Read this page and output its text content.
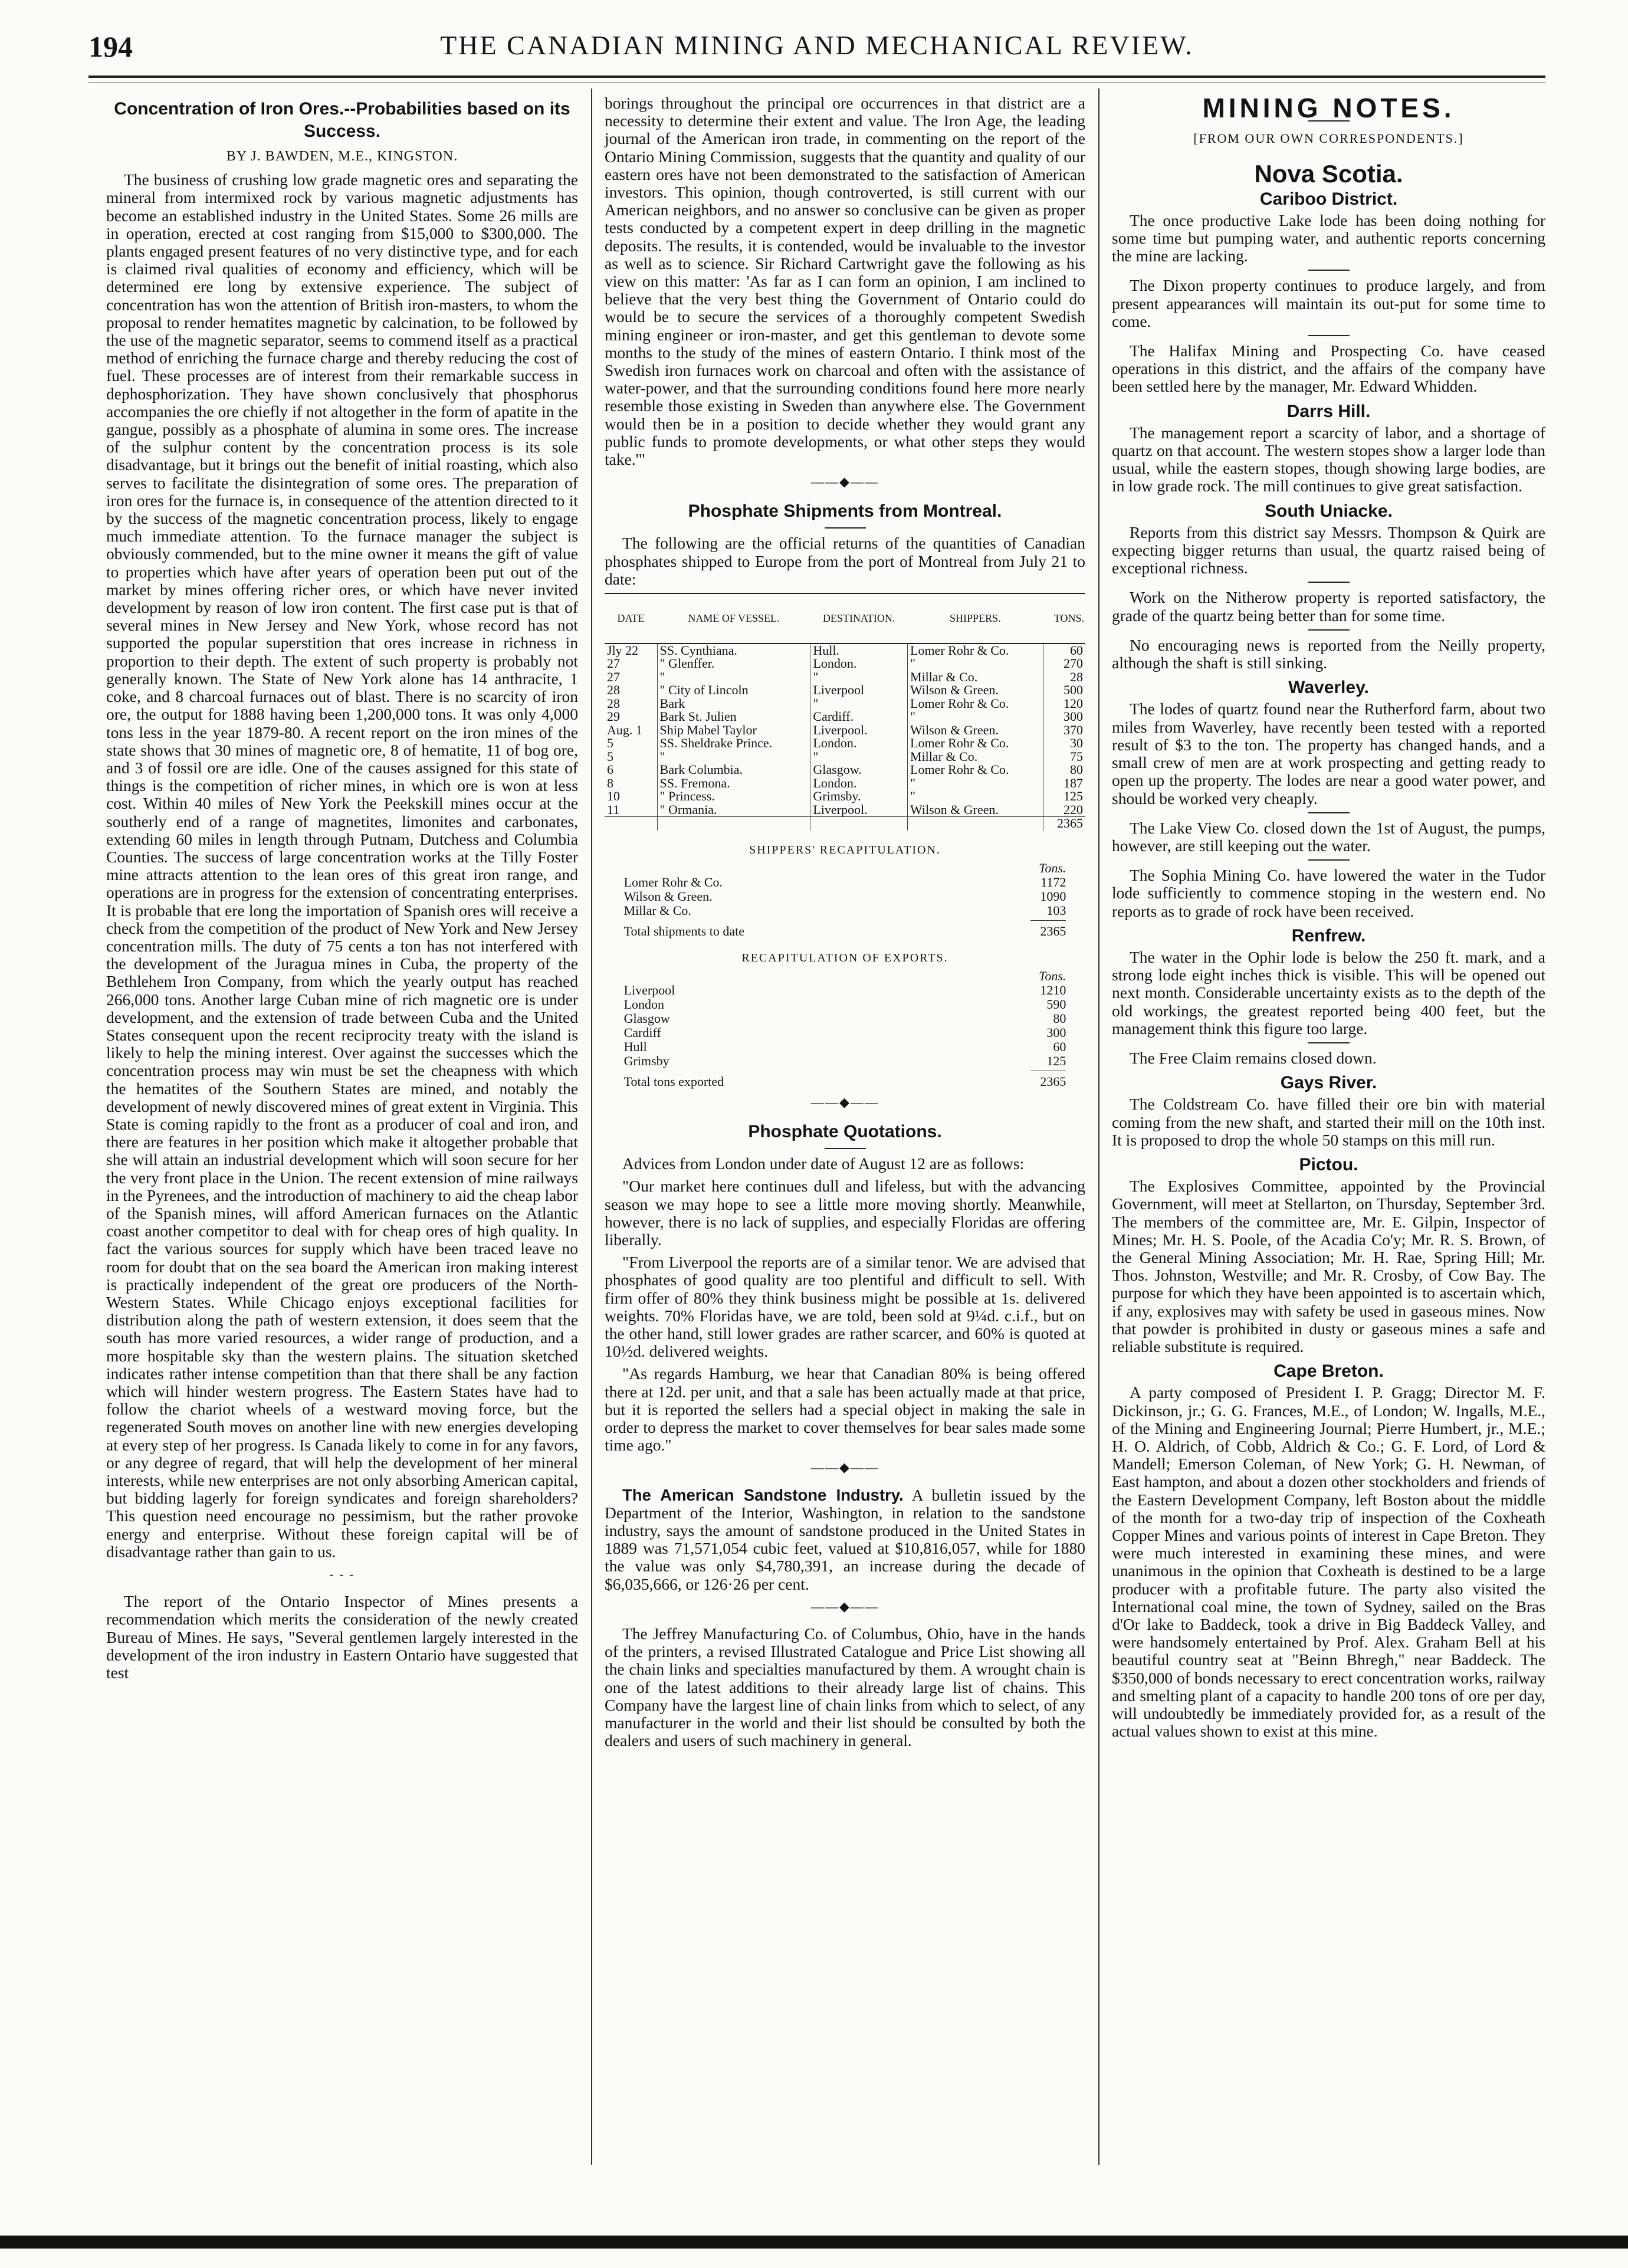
194	THE CANADIAN MINING AND MECHANICAL REVIEW.
Concentration of Iron Ores.--Probabilities based on its Success.
BY J. BAWDEN, M.E., KINGSTON.

The business of crushing low grade magnetic ores and separating the mineral from intermixed rock by various magnetic adjustments has become an established industry in the United States. Some 26 mills are in operation, erected at cost ranging from $15,000 to $300,000. The plants engaged present features of no very distinctive type, and for each is claimed rival qualities of economy and efficiency, which will be determined ere long by extensive experience. The subject of concentration has won the attention of British iron-masters, to whom the proposal to render hematites magnetic by calcination, to be followed by the use of the magnetic separator, seems to commend itself as a practical method of enriching the furnace charge and thereby reducing the cost of fuel. These processes are of interest from their remarkable success in dephosphorization. They have shown conclusively that phosphorus accompanies the ore chiefly if not altogether in the form of apatite in the gangue, possibly as a phosphate of alumina in some ores. The increase of the sulphur content by the concentration process is its sole disadvantage, but it brings out the benefit of initial roasting, which also serves to facilitate the disintegration of some ores. The preparation of iron ores for the furnace is, in consequence of the attention directed to it by the success of the magnetic concentration process, likely to engage much immediate attention. To the furnace manager the subject is obviously commended, but to the mine owner it means the gift of value to properties which have after years of operation been put out of the market by mines offering richer ores, or which have never invited development by reason of low iron content. The first case put is that of several mines in New Jersey and New York, whose record has not supported the popular superstition that ores increase in richness in proportion to their depth. The extent of such property is probably not generally known. The State of New York alone has 14 anthracite, 1 coke, and 8 charcoal furnaces out of blast. There is no scarcity of iron ore, the output for 1888 having been 1,200,000 tons. It was only 4,000 tons less in the year 1879-80. A recent report on the iron mines of the state shows that 30 mines of magnetic ore, 8 of hematite, 11 of bog ore, and 3 of fossil ore are idle. One of the causes assigned for this state of things is the competition of richer mines, in which ore is won at less cost. Within 40 miles of New York the Peekskill mines occur at the southerly end of a range of magnetites, limonites and carbonates, extending 60 miles in length through Putnam, Dutchess and Columbia Counties. The success of large concentration works at the Tilly Foster mine attracts attention to the lean ores of this great iron range, and operations are in progress for the extension of concentrating enterprises. It is probable that ere long the importation of Spanish ores will receive a check from the competition of the product of New York and New Jersey concentration mills. The duty of 75 cents a ton has not interfered with the development of the Juragua mines in Cuba, the property of the Bethlehem Iron Company, from which the yearly output has reached 266,000 tons. Another large Cuban mine of rich magnetic ore is under development, and the extension of trade between Cuba and the United States consequent upon the recent reciprocity treaty with the island is likely to help the mining interest. Over against the successes which the concentration process may win must be set the cheapness with which the hematites of the Southern States are mined, and notably the development of newly discovered mines of great extent in Virginia. This State is coming rapidly to the front as a producer of coal and iron, and there are features in her position which make it altogether probable that she will attain an industrial development which will soon secure for her the very front place in the Union. The recent extension of mine railways in the Pyrenees, and the introduction of machinery to aid the cheap labor of the Spanish mines, will afford American furnaces on the Atlantic coast another competitor to deal with for cheap ores of high quality. In fact the various sources for supply which have been traced leave no room for doubt that on the sea board the American iron making interest is practically independent of the great ore producers of the North-Western States. While Chicago enjoys exceptional facilities for distribution along the path of western extension, it does seem that the south has more varied resources, a wider range of production, and a more hospitable sky than the western plains. The situation sketched indicates rather intense competition than that there shall be any faction which will hinder western progress. The Eastern States have had to follow the chariot wheels of a westward moving force, but the regenerated South moves on another line with new energies developing at every step of her progress. Is Canada likely to come in for any favors, or any degree of regard, that will help the development of her mineral interests, while new enterprises are not only absorbing American capital, but bidding lagerly for foreign syndicates and foreign shareholders? This question need encourage no pessimism, but the rather provoke energy and enterprise. Without these foreign capital will be of disadvantage rather than gain to us.

- - -

The report of the Ontario Inspector of Mines presents a recommendation which merits the consideration of the newly created Bureau of Mines. He says, "Several gentlemen largely interested in the development of the iron industry in Eastern Ontario have suggested that test

borings throughout the principal ore occurrences in that district are a necessity to determine their extent and value. The Iron Age, the leading journal of the American iron trade, in commenting on the report of the Ontario Mining Commission, suggests that the quantity and quality of our eastern ores have not been demonstrated to the satisfaction of American investors. This opinion, though controverted, is still current with our American neighbors, and no answer so conclusive can be given as proper tests conducted by a competent expert in deep drilling in the magnetic deposits. The results, it is contended, would be invaluable to the investor as well as to science. Sir Richard Cartwright gave the following as his view on this matter: 'As far as I can form an opinion, I am inclined to believe that the very best thing the Government of Ontario could do would be to secure the services of a thoroughly competent Swedish mining engineer or iron-master, and get this gentleman to devote some months to the study of the mines of eastern Ontario. I think most of the Swedish iron furnaces work on charcoal and often with the assistance of water-power, and that the surrounding conditions found here more nearly resemble those existing in Sweden than anywhere else. The Government would then be in a position to decide whether they would grant any public funds to promote developments, or what other steps they would take.'"

——◆——
Phosphate Shipments from Montreal.

The following are the official returns of the quantities of Canadian phosphates shipped to Europe from the port of Montreal from July 21 to date:

DATE	NAME OF VESSEL.	DESTINATION.	SHIPPERS.	TONS.
Jly 22	SS. Cynthiana.	Hull.	Lomer Rohr & Co.	60
27	" Glenffer.	London.	"	270
27	"	"	Millar & Co.	28
28	" City of Lincoln	Liverpool	Wilson & Green.	500
28	Bark	"	Lomer Rohr & Co.	120
29	Bark St. Julien	Cardiff.	"	300
Aug. 1	Ship Mabel Taylor	Liverpool.	Wilson & Green.	370
5	SS. Sheldrake Prince.	London.	Lomer Rohr & Co.	30
5	"	"	Millar & Co.	75
6	Bark Columbia.	Glasgow.	Lomer Rohr & Co.	80
8	SS. Fremona.	London.	"	187
10	" Princess.	Grimsby.	"	125
11	" Ormania.	Liverpool.	Wilson & Green.	220
				2365
SHIPPERS' RECAPITULATION.
Tons.
Lomer Rohr & Co.	1172
Wilson & Green.	1090
Millar & Co.	103
Total shipments to date	2365
RECAPITULATION OF EXPORTS.
Tons.
Liverpool	1210
London	590
Glasgow	80
Cardiff	300
Hull	60
Grimsby	125
Total tons exported	2365
——◆——
Phosphate Quotations.

Advices from London under date of August 12 are as follows:

"Our market here continues dull and lifeless, but with the advancing season we may hope to see a little more moving shortly. Meanwhile, however, there is no lack of supplies, and especially Floridas are offering liberally.

"From Liverpool the reports are of a similar tenor. We are advised that phosphates of good quality are too plentiful and difficult to sell. With firm offer of 80% they think business might be possible at 1s. delivered weights. 70% Floridas have, we are told, been sold at 9¼d. c.i.f., but on the other hand, still lower grades are rather scarcer, and 60% is quoted at 10½d. delivered weights.

"As regards Hamburg, we hear that Canadian 80% is being offered there at 12d. per unit, and that a sale has been actually made at that price, but it is reported the sellers had a special object in making the sale in order to depress the market to cover themselves for bear sales made some time ago."

——◆——

The American Sandstone Industry. A bulletin issued by the Department of the Interior, Washington, in relation to the sandstone industry, says the amount of sandstone produced in the United States in 1889 was 71,571,054 cubic feet, valued at $10,816,057, while for 1880 the value was only $4,780,391, an increase during the decade of $6,035,666, or 126·26 per cent.

——◆——

The Jeffrey Manufacturing Co. of Columbus, Ohio, have in the hands of the printers, a revised Illustrated Catalogue and Price List showing all the chain links and specialties manufactured by them. A wrought chain is one of the latest additions to their already large list of chains. This Company have the largest line of chain links from which to select, of any manufacturer in the world and their list should be consulted by both the dealers and users of such machinery in general.

MINING NOTES.
[FROM OUR OWN CORRESPONDENTS.]
Nova Scotia.
Cariboo District.

The once productive Lake lode has been doing nothing for some time but pumping water, and authentic reports concerning the mine are lacking.

The Dixon property continues to produce largely, and from present appearances will maintain its out-put for some time to come.

The Halifax Mining and Prospecting Co. have ceased operations in this district, and the affairs of the company have been settled here by the manager, Mr. Edward Whidden.

Darrs Hill.

The management report a scarcity of labor, and a shortage of quartz on that account. The western stopes show a larger lode than usual, while the eastern stopes, though showing large bodies, are in low grade rock. The mill continues to give great satisfaction.

South Uniacke.

Reports from this district say Messrs. Thompson & Quirk are expecting bigger returns than usual, the quartz raised being of exceptional richness.

Work on the Nitherow property is reported satisfactory, the grade of the quartz being better than for some time.

No encouraging news is reported from the Neilly property, although the shaft is still sinking.

Waverley.

The lodes of quartz found near the Rutherford farm, about two miles from Waverley, have recently been tested with a reported result of $3 to the ton. The property has changed hands, and a small crew of men are at work prospecting and getting ready to open up the property. The lodes are near a good water power, and should be worked very cheaply.

The Lake View Co. closed down the 1st of August, the pumps, however, are still keeping out the water.

The Sophia Mining Co. have lowered the water in the Tudor lode sufficiently to commence stoping in the western end. No reports as to grade of rock have been received.

Renfrew.

The water in the Ophir lode is below the 250 ft. mark, and a strong lode eight inches thick is visible. This will be opened out next month. Considerable uncertainty exists as to the depth of the old workings, the greatest reported being 400 feet, but the management think this figure too large.

The Free Claim remains closed down.

Gays River.

The Coldstream Co. have filled their ore bin with material coming from the new shaft, and started their mill on the 10th inst. It is proposed to drop the whole 50 stamps on this mill run.

Pictou.

The Explosives Committee, appointed by the Provincial Government, will meet at Stellarton, on Thursday, September 3rd. The members of the committee are, Mr. E. Gilpin, Inspector of Mines; Mr. H. S. Poole, of the Acadia Co'y; Mr. R. S. Brown, of the General Mining Association; Mr. H. Rae, Spring Hill; Mr. Thos. Johnston, Westville; and Mr. R. Crosby, of Cow Bay. The purpose for which they have been appointed is to ascertain which, if any, explosives may with safety be used in gaseous mines. Now that powder is prohibited in dusty or gaseous mines a safe and reliable substitute is required.

Cape Breton.

A party composed of President I. P. Gragg; Director M. F. Dickinson, jr.; G. G. Frances, M.E., of London; W. Ingalls, M.E., of the Mining and Engineering Journal; Pierre Humbert, jr., M.E.; H. O. Aldrich, of Cobb, Aldrich & Co.; G. F. Lord, of Lord & Mandell; Emerson Coleman, of New York; G. H. Newman, of East hampton, and about a dozen other stockholders and friends of the Eastern Development Company, left Boston about the middle of the month for a two-day trip of inspection of the Coxheath Copper Mines and various points of interest in Cape Breton. They were much interested in examining these mines, and were unanimous in the opinion that Coxheath is destined to be a large producer with a profitable future. The party also visited the International coal mine, the town of Sydney, sailed on the Bras d'Or lake to Baddeck, took a drive in Big Baddeck Valley, and were handsomely entertained by Prof. Alex. Graham Bell at his beautiful country seat at "Beinn Bhregh," near Baddeck. The $350,000 of bonds necessary to erect concentration works, railway and smelting plant of a capacity to handle 200 tons of ore per day, will undoubtedly be immediately provided for, as a result of the actual values shown to exist at this mine.
